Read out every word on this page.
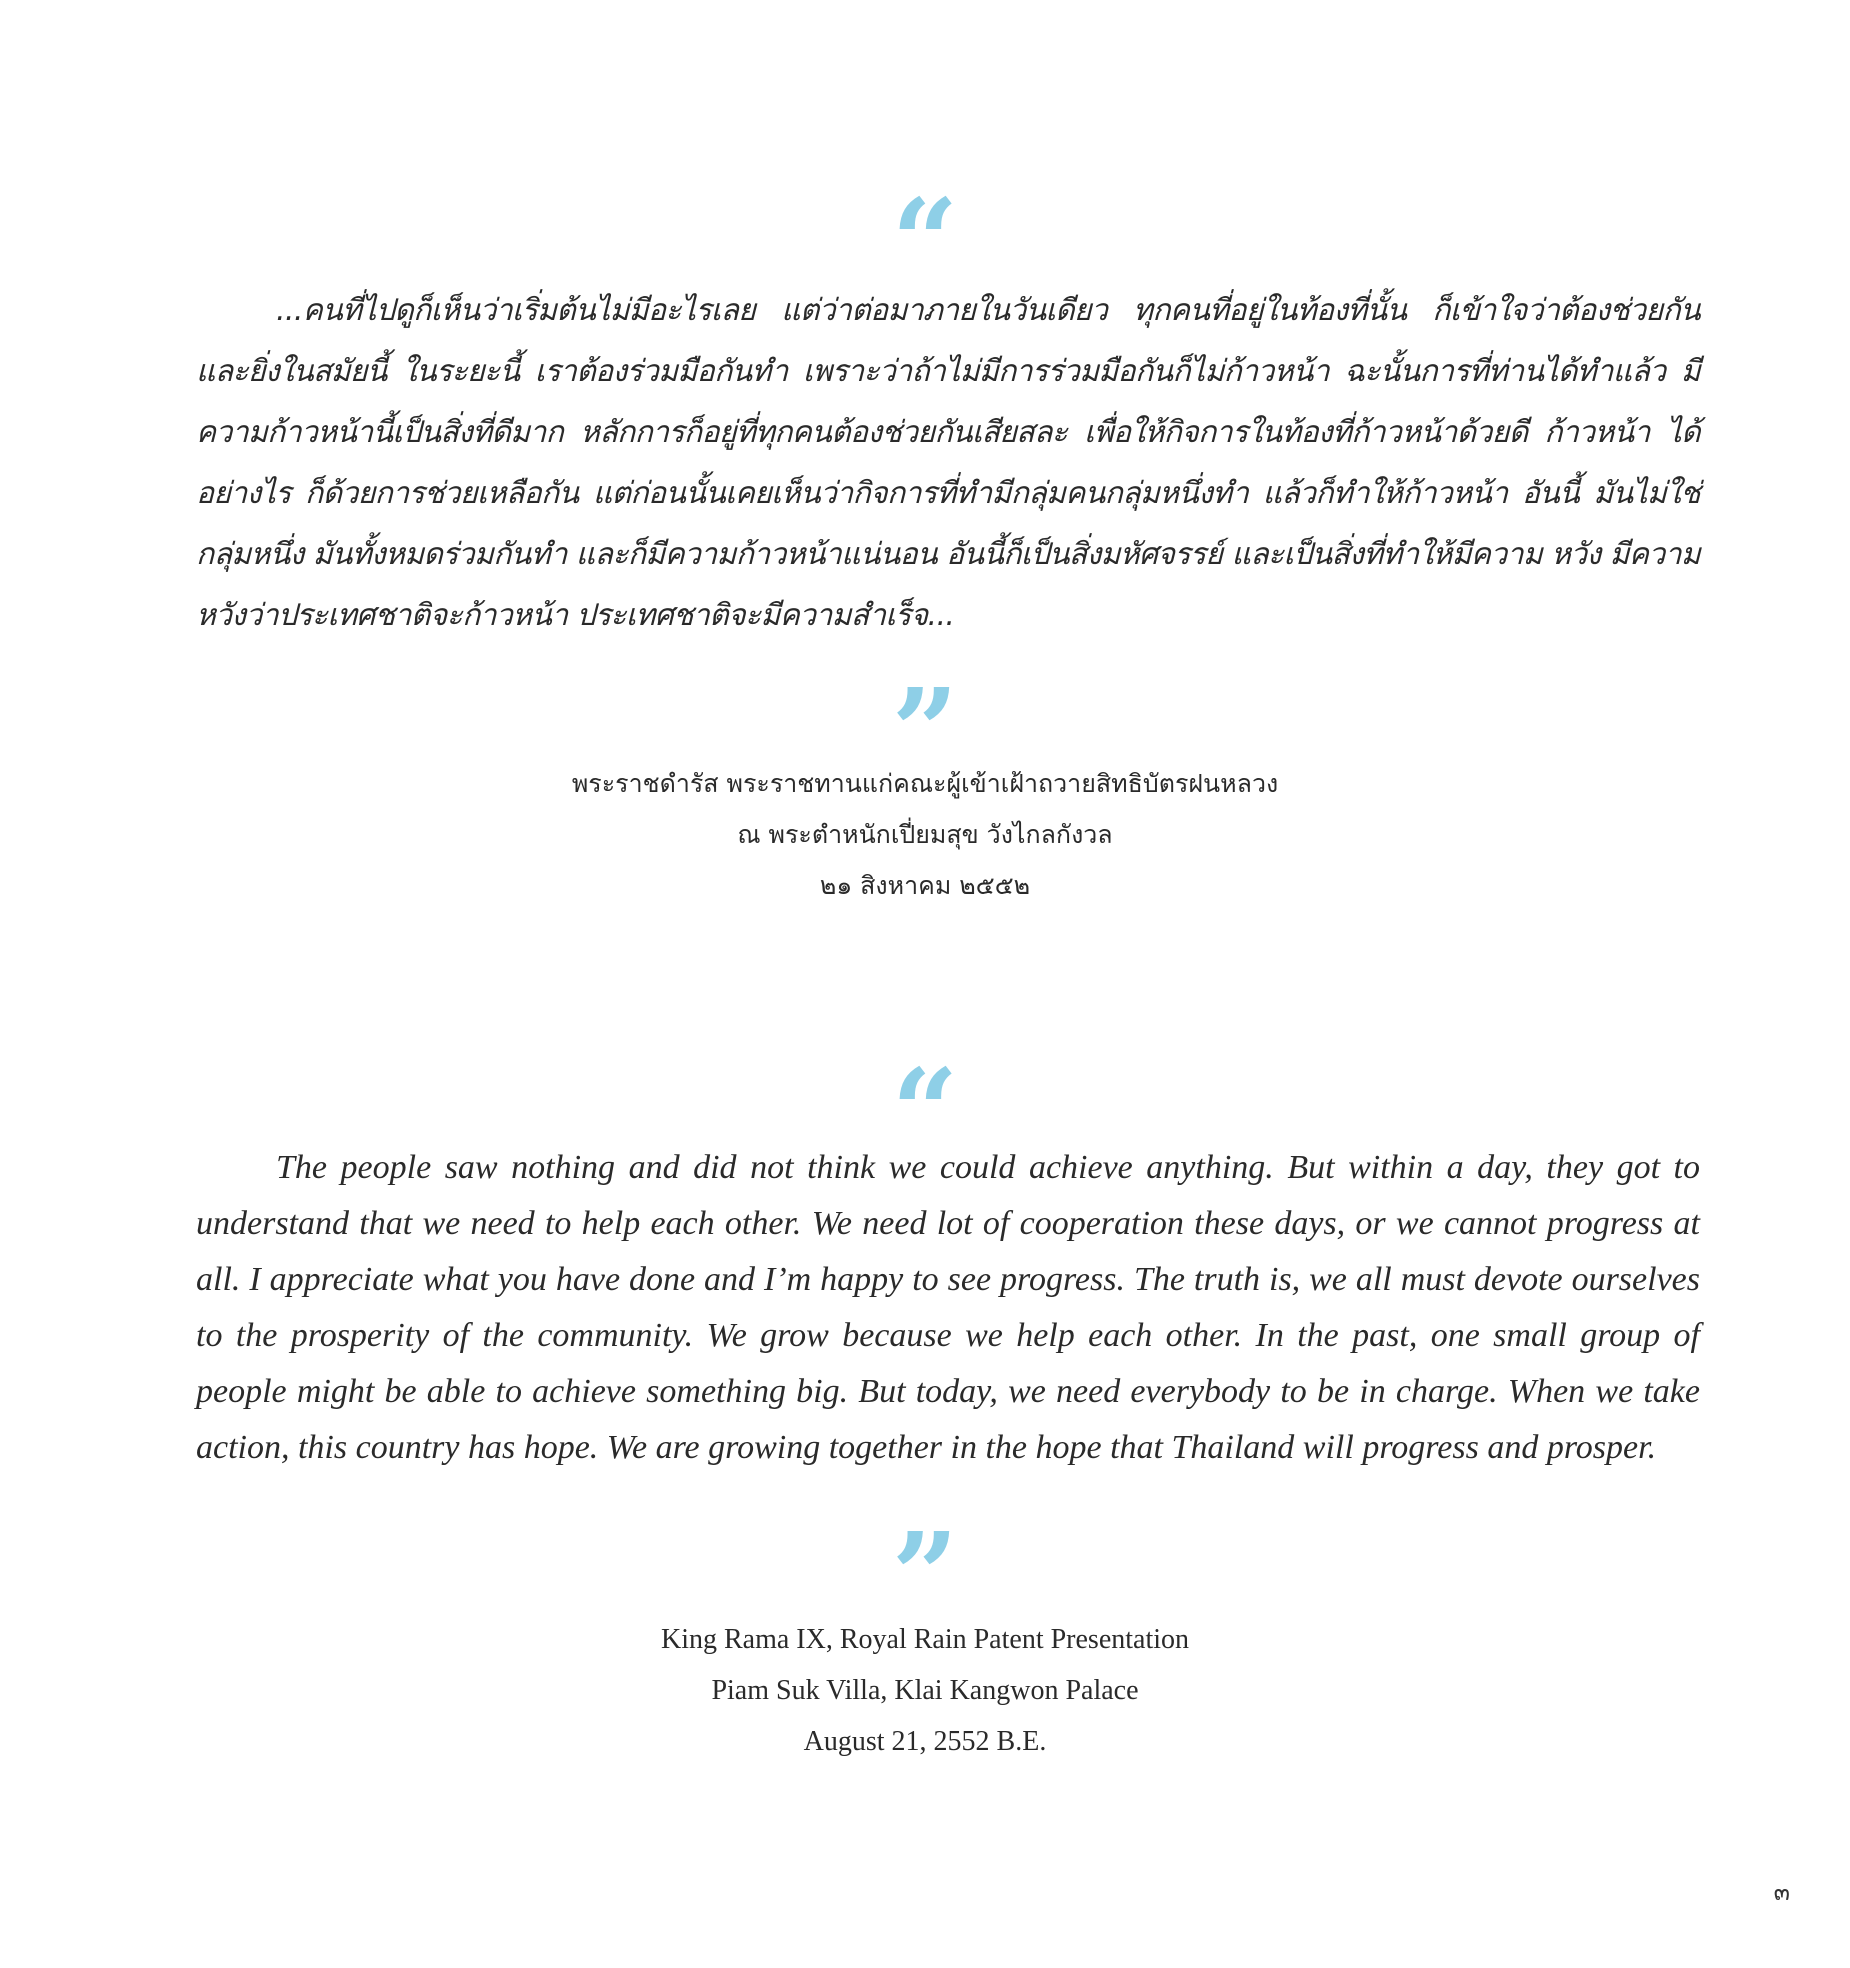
“

...คนที่ไปดูก็เห็นว่าเริ่มต้นไม่มีอะไรเลย แต่ว่าต่อมาภายในวันเดียว ทุกคนที่อยู่ในท้องที่นั้น ก็เข้าใจว่าต้องช่วยกัน และยิ่งในสมัยนี้ ในระยะนี้ เราต้องร่วมมือกันทำ เพราะว่าถ้าไม่มีการร่วมมือกันก็ไม่ก้าวหน้า ฉะนั้นการที่ท่านได้ทำแล้ว มีความก้าวหน้านี้เป็นสิ่งที่ดีมาก หลักการก็อยู่ที่ทุกคนต้องช่วยกันเสียสละ เพื่อให้กิจการในท้องที่ก้าวหน้าด้วยดี ก้าวหน้า ได้อย่างไร ก็ด้วยการช่วยเหลือกัน แต่ก่อนนั้นเคยเห็นว่ากิจการที่ทำมีกลุ่มคนกลุ่มหนึ่งทำ แล้วก็ทำให้ก้าวหน้า อันนี้ มันไม่ใช่กลุ่มหนึ่ง มันทั้งหมดร่วมกันทำ และก็มีความก้าวหน้าแน่นอน อันนี้ก็เป็นสิ่งมหัศจรรย์ และเป็นสิ่งที่ทำให้มีความ หวัง มีความหวังว่าประเทศชาติจะก้าวหน้า ประเทศชาติจะมีความสำเร็จ...

”
พระราชดำรัส พระราชทานแก่คณะผู้เข้าเฝ้าถวายสิทธิบัตรฝนหลวง
ณ พระตำหนักเปี่ยมสุข วังไกลกังวล
๒๑ สิงหาคม ๒๕๕๒
“

The people saw nothing and did not think we could achieve anything. But within a day, they got to understand that we need to help each other. We need lot of cooperation these days, or we cannot progress at all. I appreciate what you have done and I’m happy to see progress. The truth is, we all must devote ourselves to the prosperity of the community. We grow because we help each other. In the past, one small group of people might be able to achieve something big. But today, we need everybody to be in charge. When we take action, this country has hope. We are growing together in the hope that Thailand will progress and prosper.

”
King Rama IX, Royal Rain Patent Presentation
Piam Suk Villa, Klai Kangwon Palace
August 21, 2552 B.E.
๓
